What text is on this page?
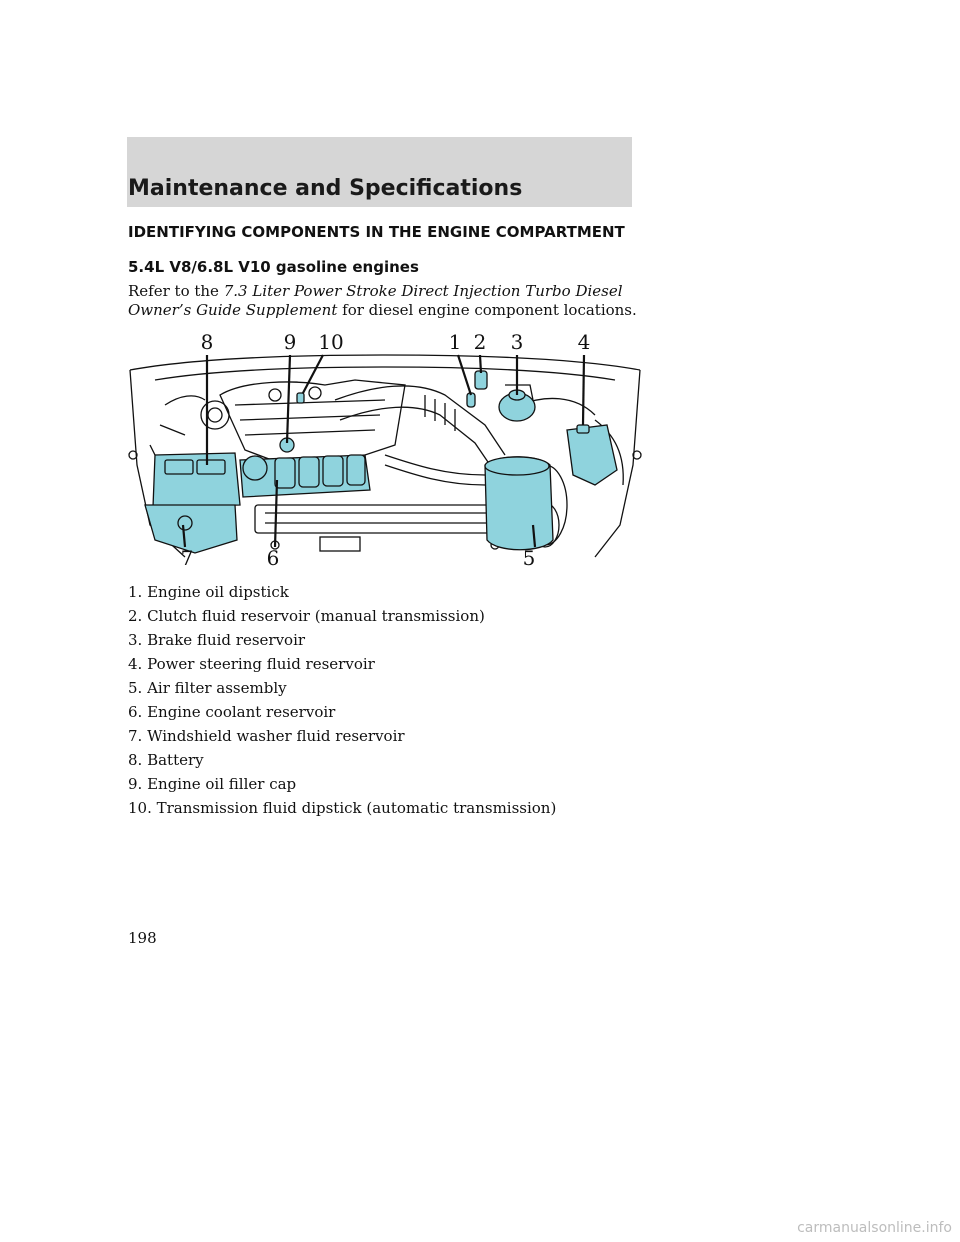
Maintenance and Specifications
IDENTIFYING COMPONENTS IN THE ENGINE COMPARTMENT
5.4L V8/6.8L V10 gasoline engines
Refer to the 7.3 Liter Power Stroke Direct Injection Turbo Diesel Owner’s Guide Supplement for diesel engine component locations.
8	9 10	1 2 3	4
7	6	5
1. Engine oil dipstick
2. Clutch fluid reservoir (manual transmission)
3. Brake fluid reservoir
4. Power steering fluid reservoir
5. Air filter assembly
6. Engine coolant reservoir
7. Windshield washer fluid reservoir
8. Battery
9. Engine oil filler cap
10. Transmission fluid dipstick (automatic transmission)
198
carmanualsonline.info
